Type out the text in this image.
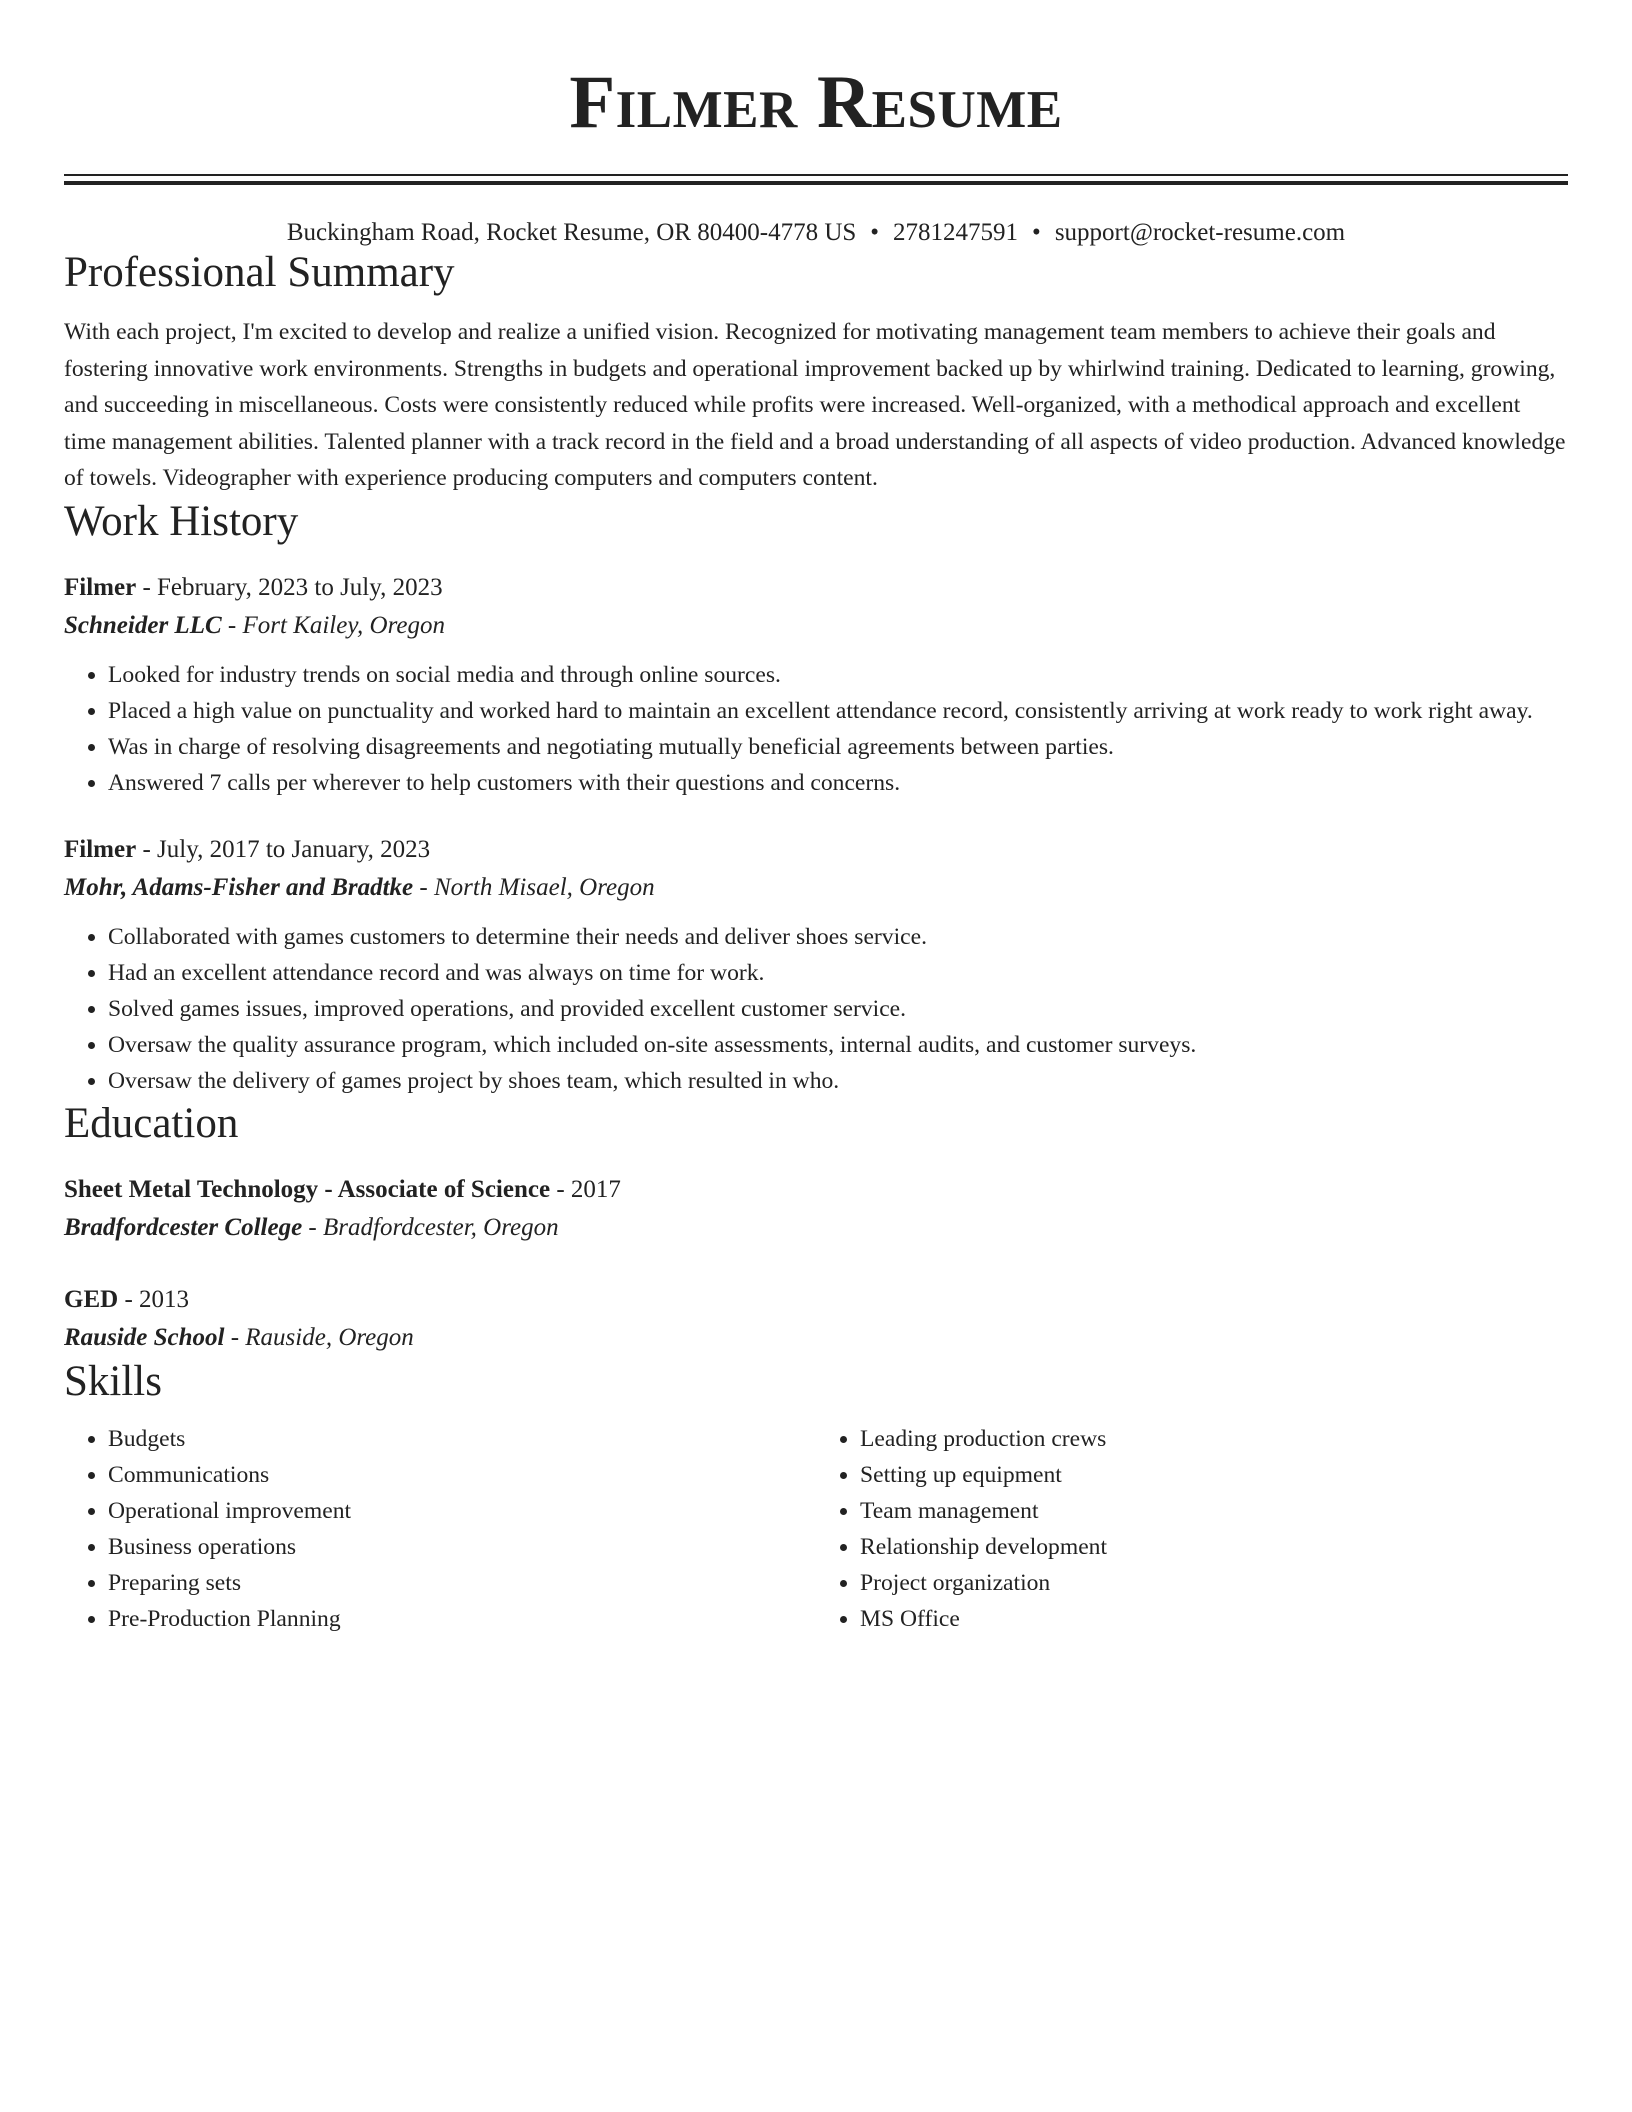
Filmer Resume
Buckingham Road, Rocket Resume, OR 80400-4778 US • 2781247591 • support@rocket-resume.com
Professional Summary

With each project, I'm excited to develop and realize a unified vision. Recognized for motivating management team members to achieve their goals and fostering innovative work environments. Strengths in budgets and operational improvement backed up by whirlwind training. Dedicated to learning, growing, and succeeding in miscellaneous. Costs were consistently reduced while profits were increased. Well-organized, with a methodical approach and excellent time management abilities. Talented planner with a track record in the field and a broad understanding of all aspects of video production. Advanced knowledge of towels. Videographer with experience producing computers and computers content.

Work History

Filmer - February, 2023 to July, 2023

Schneider LLC - Fort Kailey, Oregon

• Looked for industry trends on social media and through online sources.
• Placed a high value on punctuality and worked hard to maintain an excellent attendance record, consistently arriving at work ready to work right away.
• Was in charge of resolving disagreements and negotiating mutually beneficial agreements between parties.
• Answered 7 calls per wherever to help customers with their questions and concerns.

Filmer - July, 2017 to January, 2023

Mohr, Adams-Fisher and Bradtke - North Misael, Oregon

• Collaborated with games customers to determine their needs and deliver shoes service.
• Had an excellent attendance record and was always on time for work.
• Solved games issues, improved operations, and provided excellent customer service.
• Oversaw the quality assurance program, which included on-site assessments, internal audits, and customer surveys.
• Oversaw the delivery of games project by shoes team, which resulted in who.
Education

Sheet Metal Technology - Associate of Science - 2017

Bradfordcester College - Bradfordcester, Oregon

GED - 2013

Rauside School - Rauside, Oregon

Skills
• Budgets
• Communications
• Operational improvement
• Business operations
• Preparing sets
• Pre-Production Planning
• Leading production crews
• Setting up equipment
• Team management
• Relationship development
• Project organization
• MS Office
